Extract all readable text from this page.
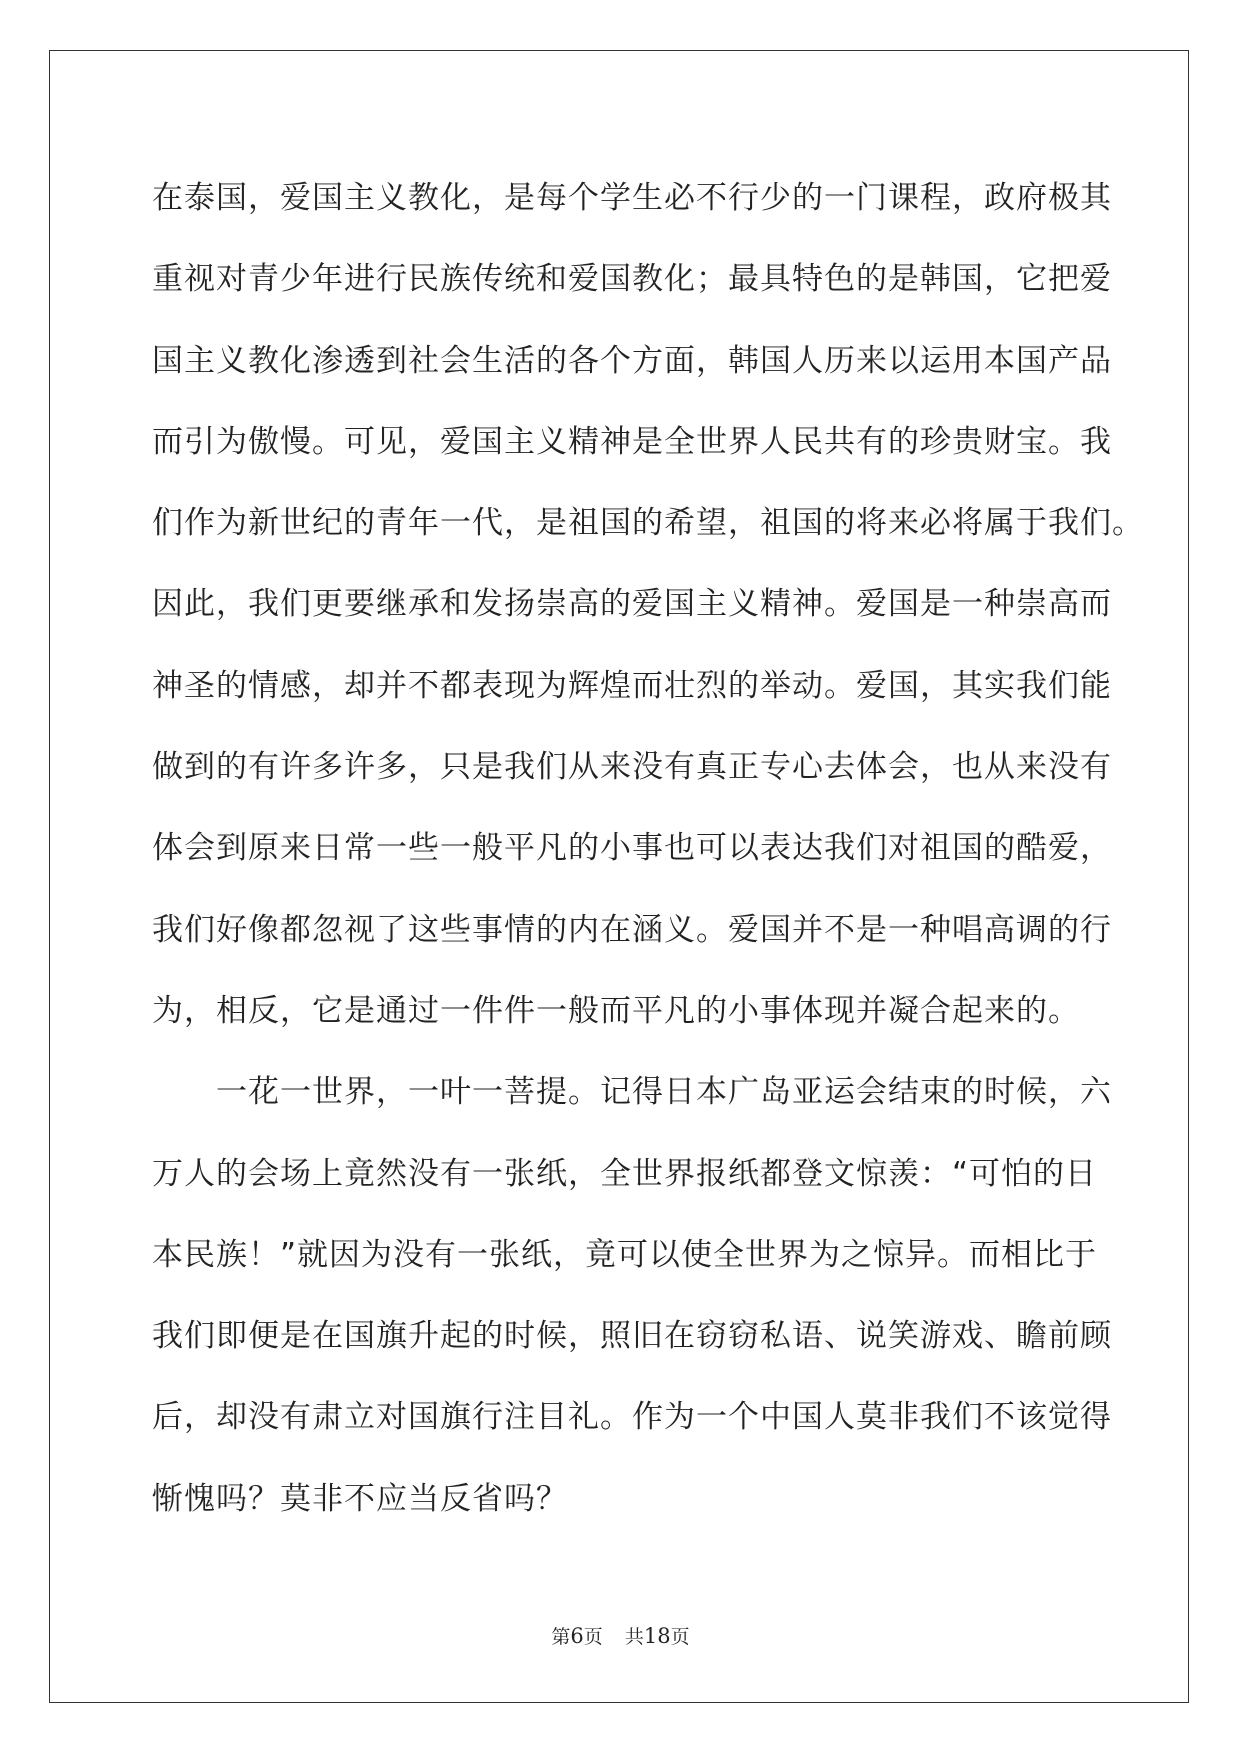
在泰国，爱国主义教化，是每个学生必不行少的一门课程，政府极其
重视对青少年进行民族传统和爱国教化；最具特色的是韩国，它把爱
国主义教化渗透到社会生活的各个方面，韩国人历来以运用本国产品
而引为傲慢。可见，爱国主义精神是全世界人民共有的珍贵财宝。我
们作为新世纪的青年一代，是祖国的希望，祖国的将来必将属于我们。
因此，我们更要继承和发扬崇高的爱国主义精神。爱国是一种崇高而
神圣的情感，却并不都表现为辉煌而壮烈的举动。爱国，其实我们能
做到的有许多许多，只是我们从来没有真正专心去体会，也从来没有
体会到原来日常一些一般平凡的小事也可以表达我们对祖国的酷爱，
我们好像都忽视了这些事情的内在涵义。爱国并不是一种唱高调的行
为，相反，它是通过一件件一般而平凡的小事体现并凝合起来的。
一花一世界，一叶一菩提。记得日本广岛亚运会结束的时候，六
万人的会场上竟然没有一张纸，全世界报纸都登文惊羡：“可怕的日
本民族！”就因为没有一张纸，竟可以使全世界为之惊异。而相比于
我们即便是在国旗升起的时候，照旧在窃窃私语、说笑游戏、瞻前顾
后，却没有肃立对国旗行注目礼。作为一个中国人莫非我们不该觉得
惭愧吗？莫非不应当反省吗？
第6页 共18页
